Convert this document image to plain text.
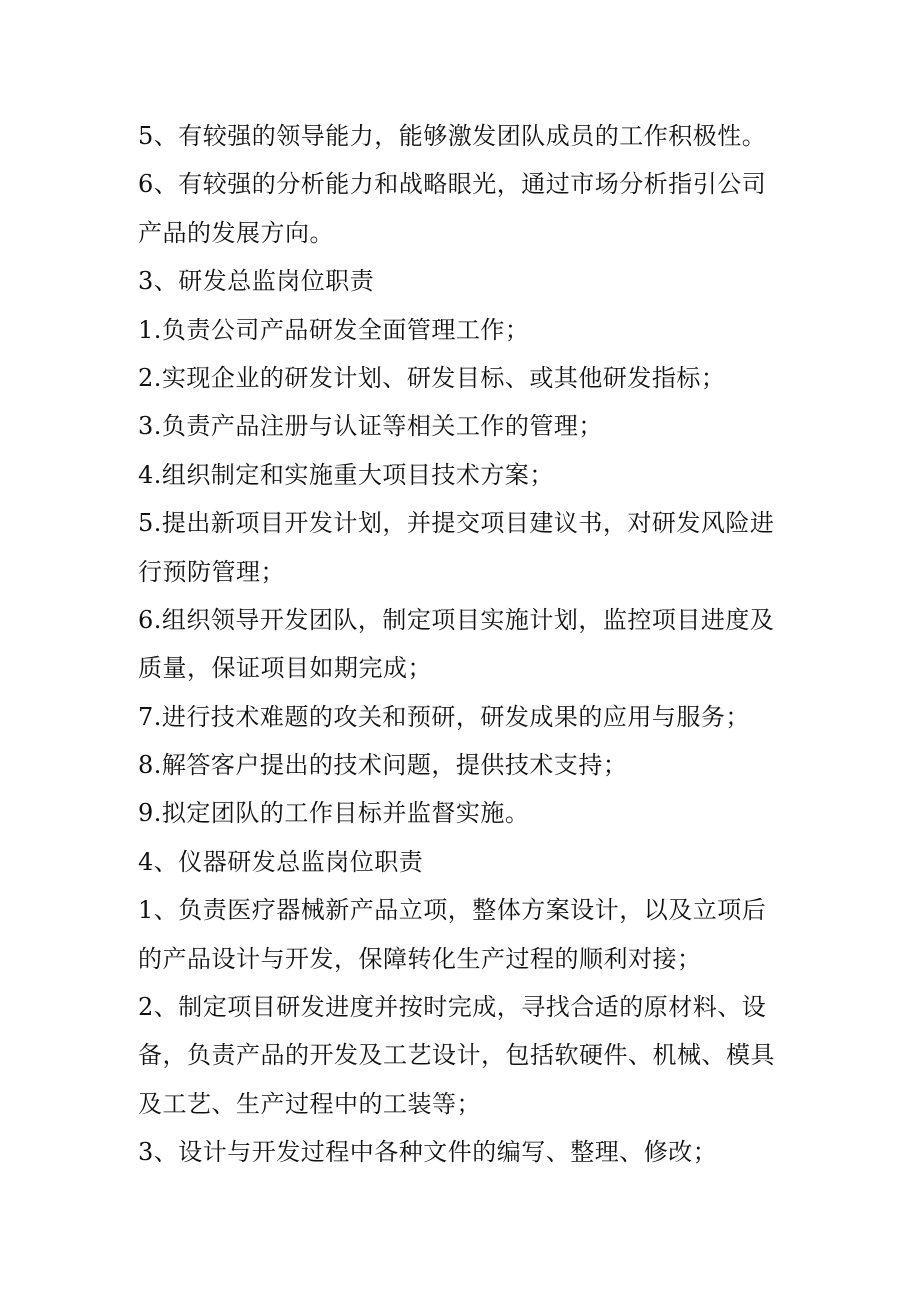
5、有较强的领导能力，能够激发团队成员的工作积极性。
6、有较强的分析能力和战略眼光，通过市场分析指引公司
产品的发展方向。
3、研发总监岗位职责
1.负责公司产品研发全面管理工作；
2.实现企业的研发计划、研发目标、或其他研发指标；
3.负责产品注册与认证等相关工作的管理；
4.组织制定和实施重大项目技术方案；
5.提出新项目开发计划，并提交项目建议书，对研发风险进
行预防管理；
6.组织领导开发团队，制定项目实施计划，监控项目进度及
质量，保证项目如期完成；
7.进行技术难题的攻关和预研，研发成果的应用与服务；
8.解答客户提出的技术问题，提供技术支持；
9.拟定团队的工作目标并监督实施。
4、仪器研发总监岗位职责
1、负责医疗器械新产品立项，整体方案设计，以及立项后
的产品设计与开发，保障转化生产过程的顺利对接；
2、制定项目研发进度并按时完成，寻找合适的原材料、设
备，负责产品的开发及工艺设计，包括软硬件、机械、模具
及工艺、生产过程中的工装等；
3、设计与开发过程中各种文件的编写、整理、修改；
